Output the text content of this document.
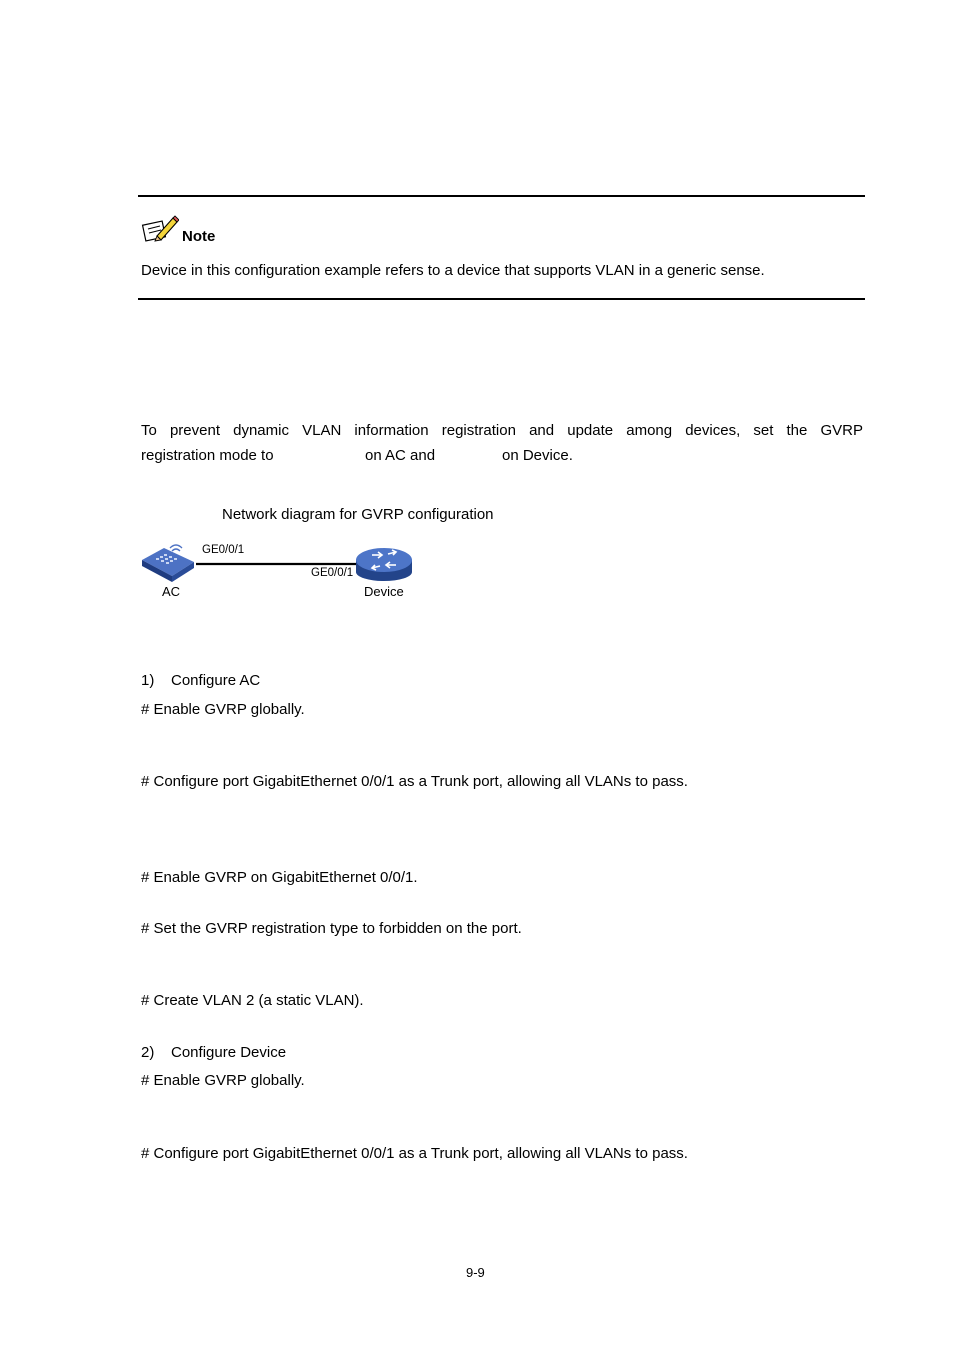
Note
Device in this configuration example refers to a device that supports VLAN in a generic sense.
To prevent dynamic VLAN information registration and update among devices, set the GVRP
registration mode to	on AC and	on Device.
Network diagram for GVRP configuration
GE0/0/1
GE0/0/1
AC	Device
1)    Configure AC
# Enable GVRP globally.
# Configure port GigabitEthernet 0/0/1 as a Trunk port, allowing all VLANs to pass.
# Enable GVRP on GigabitEthernet 0/0/1.
# Set the GVRP registration type to forbidden on the port.
# Create VLAN 2 (a static VLAN).
2)    Configure Device
# Enable GVRP globally.
# Configure port GigabitEthernet 0/0/1 as a Trunk port, allowing all VLANs to pass.
9-9
